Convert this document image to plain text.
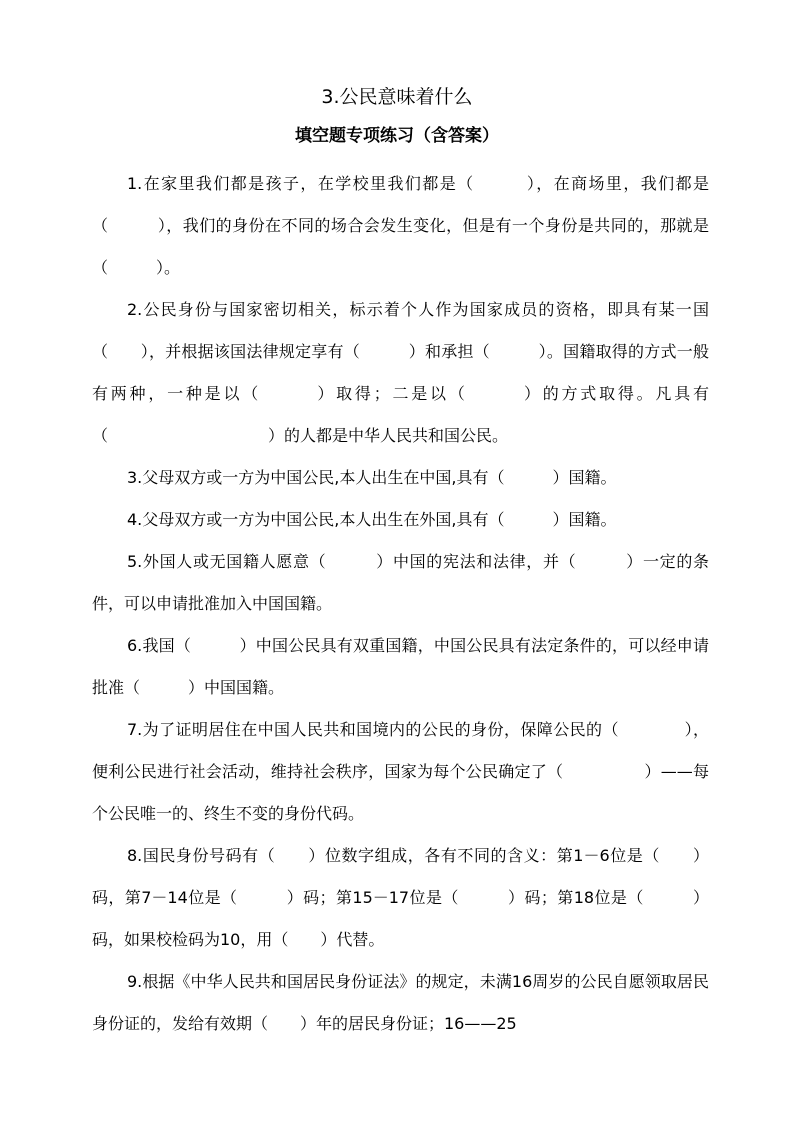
3.公民意味着什么
填空题专项练习（含答案）

1.在家里我们都是孩子，在学校里我们都是（　　　），在商场里，我们都是（　　　），我们的身份在不同的场合会发生变化，但是有一个身份是共同的，那就是（　　　）。

2.公民身份与国家密切相关，标示着个人作为国家成员的资格，即具有某一国（　　），并根据该国法律规定享有（　　　）和承担（　　　）。国籍取得的方式一般有两种，一种是以（　　　）取得；二是以（　　　）的方式取得。凡具有（　　　　　　　　　　）的人都是中华人民共和国公民。

3.父母双方或一方为中国公民,本人出生在中国,具有（　　　）国籍。

4.父母双方或一方为中国公民,本人出生在外国,具有（　　　）国籍。

5.外国人或无国籍人愿意（　　　）中国的宪法和法律，并（　　　）一定的条件，可以申请批准加入中国国籍。

6.我国（　　　）中国公民具有双重国籍，中国公民具有法定条件的，可以经申请批准（　　　）中国国籍。

7.为了证明居住在中国人民共和国境内的公民的身份，保障公民的（　　　　），便利公民进行社会活动，维持社会秩序，国家为每个公民确定了（　　　　　）——每个公民唯一的、终生不变的身份代码。

8.国民身份号码有（　　）位数字组成，各有不同的含义：第1－6位是（　　）码，第7－14位是（　　　）码；第15－17位是（　　　）码；第18位是（　　　）码，如果校检码为10，用（　　）代替。

9.根据《中华人民共和国居民身份证法》的规定，未满16周岁的公民自愿领取居民身份证的，发给有效期（　　）年的居民身份证；16——25
